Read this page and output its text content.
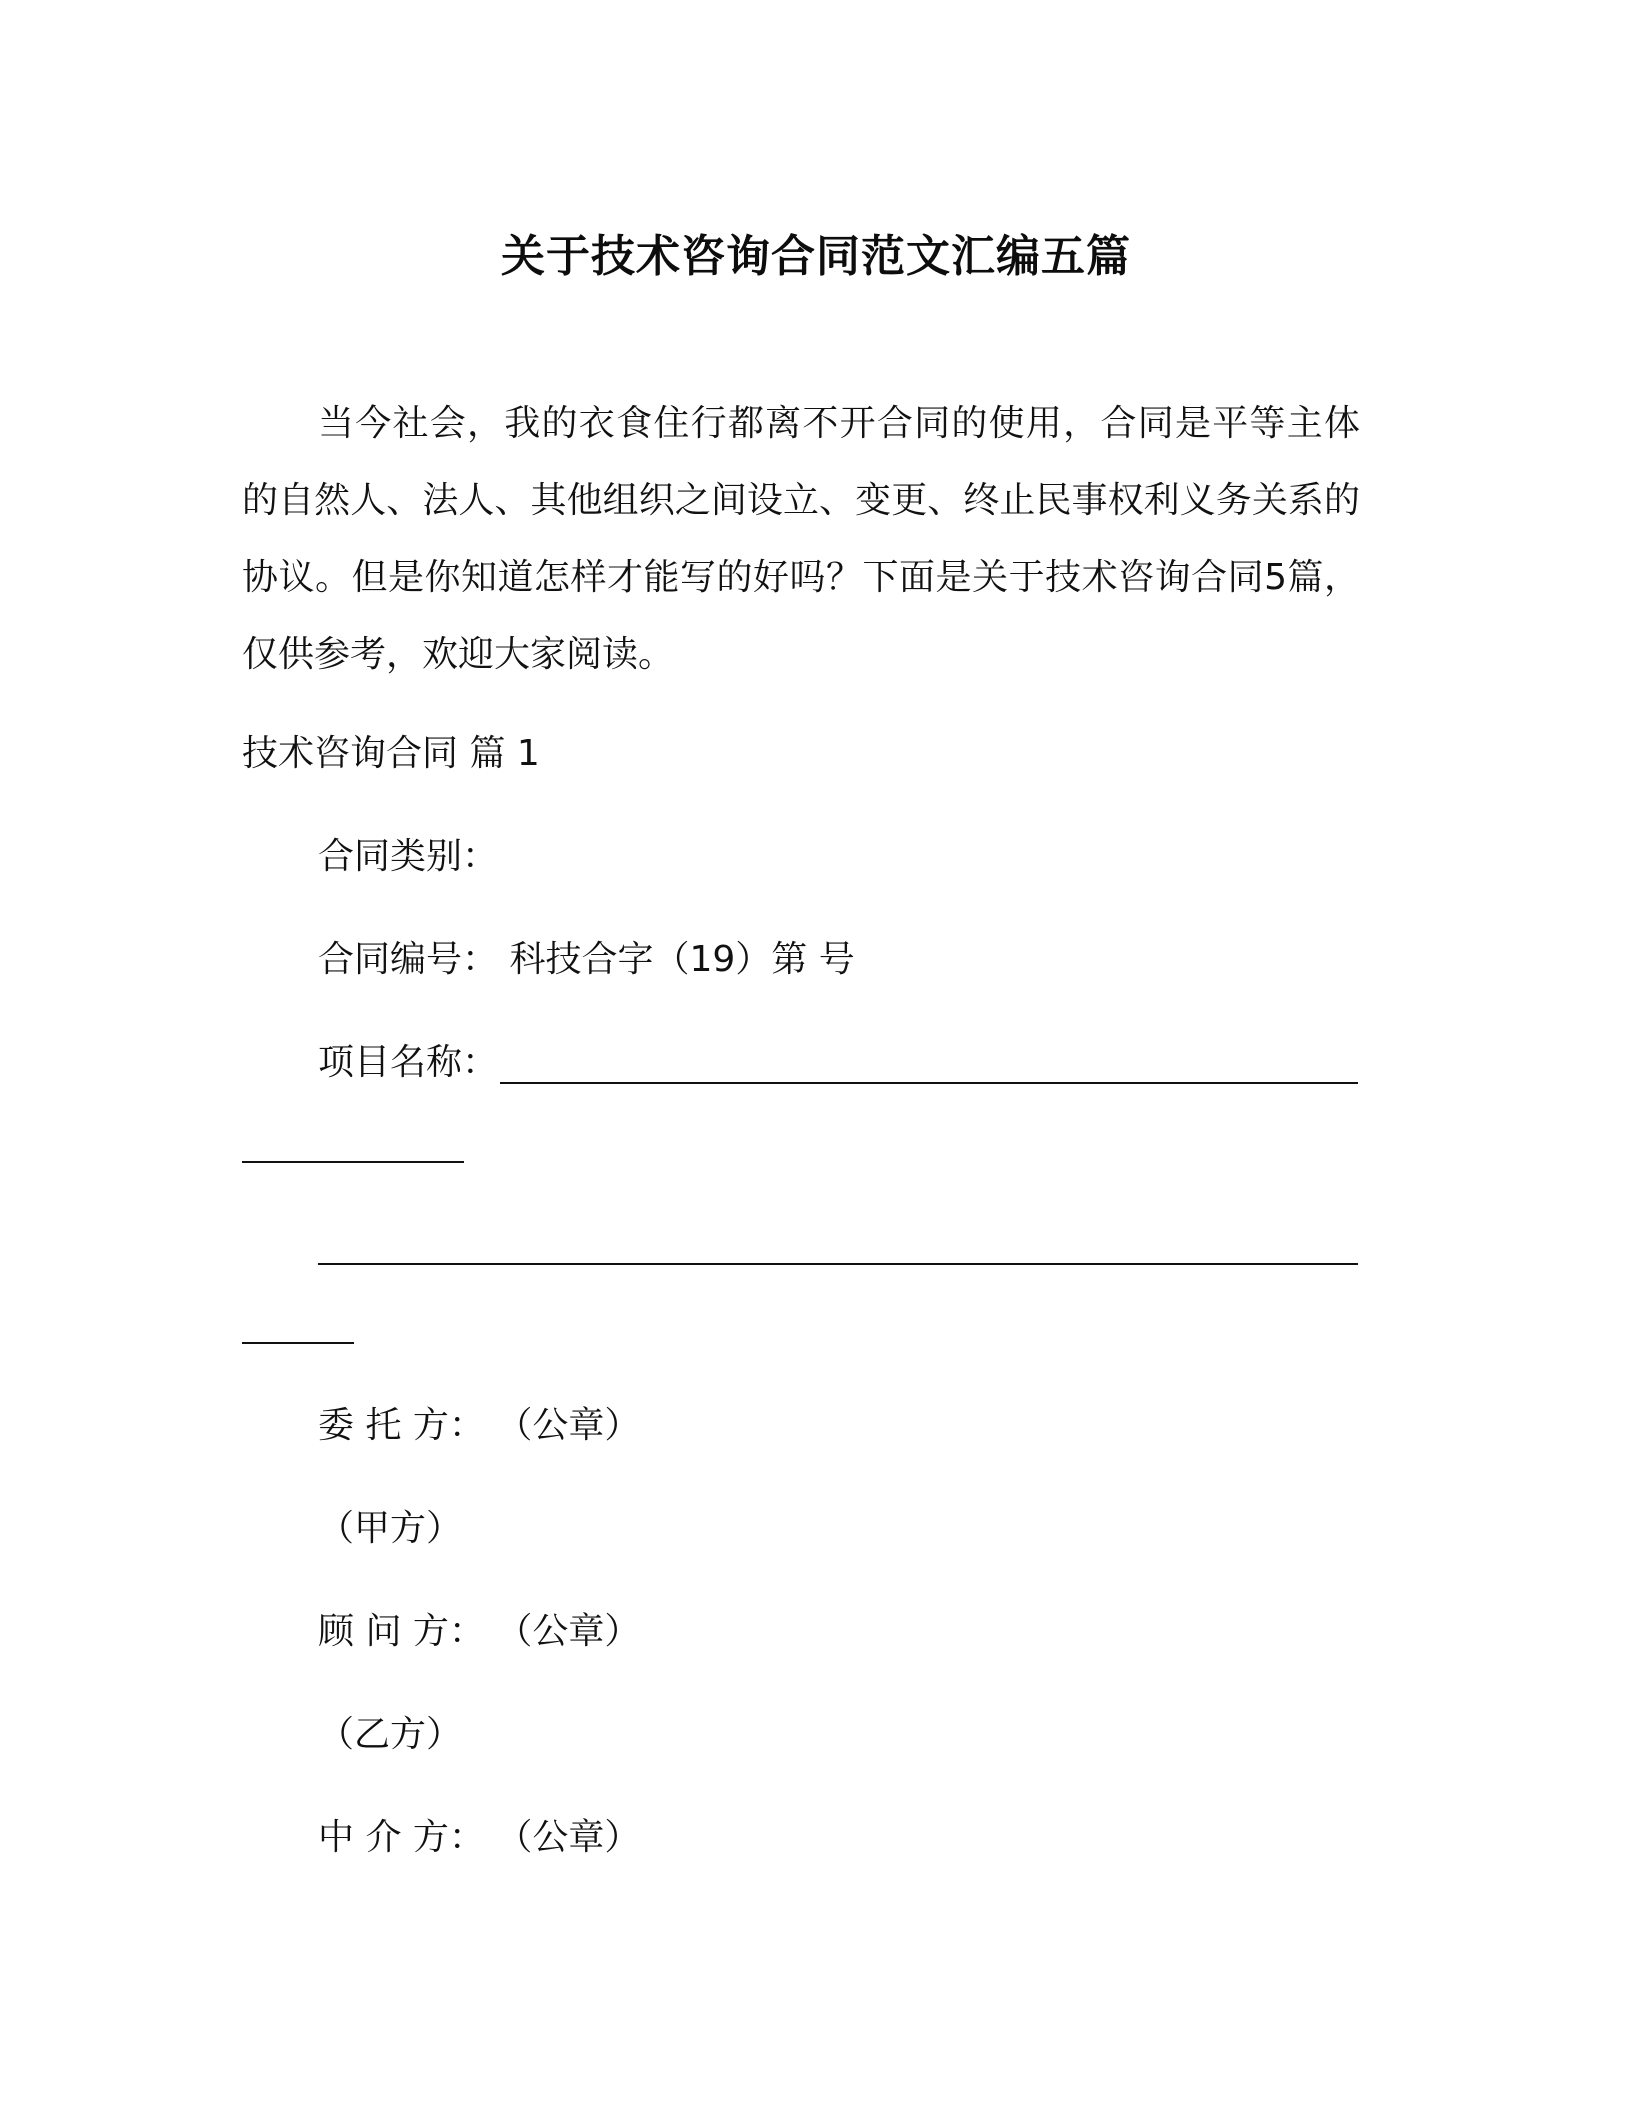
关于技术咨询合同范文汇编五篇

当今社会，我的衣食住行都离不开合同的使用，合同是平等主体的自然人、法人、其他组织之间设立、变更、终止民事权利义务关系的协议。但是你知道怎样才能写的好吗？下面是关于技术咨询合同5篇，仅供参考，欢迎大家阅读。

技术咨询合同 篇 1
合同类别：
合同编号： 科技合字（19）第 号
项目名称：
委 托 方： （公章）
（甲方）
顾 问 方： （公章）
（乙方）
中 介 方： （公章）
